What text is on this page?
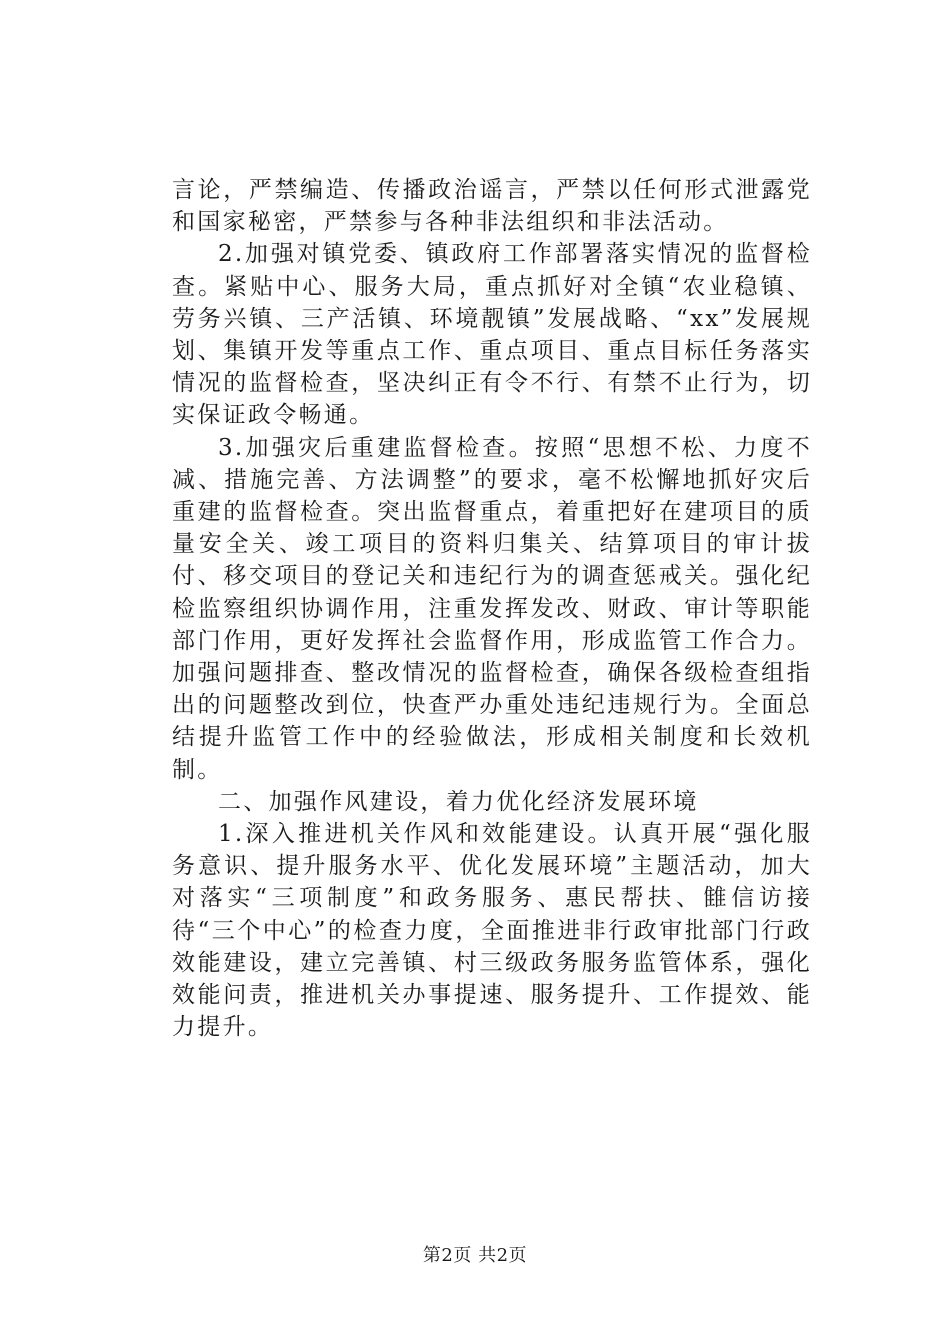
言论，严禁编造、传播政治谣言，严禁以任何形式泄露党和国家秘密，严禁参与各种非法组织和非法活动。

2.加强对镇党委、镇政府工作部署落实情况的监督检查。紧贴中心、服务大局，重点抓好对全镇“农业稳镇、劳务兴镇、三产活镇、环境靓镇”发展战略、“xx”发展规划、集镇开发等重点工作、重点项目、重点目标任务落实情况的监督检查，坚决纠正有令不行、有禁不止行为，切实保证政令畅通。

3.加强灾后重建监督检查。按照“思想不松、力度不减、措施完善、方法调整”的要求，毫不松懈地抓好灾后重建的监督检查。突出监督重点，着重把好在建项目的质量安全关、竣工项目的资料归集关、结算项目的审计拔付、移交项目的登记关和违纪行为的调查惩戒关。强化纪检监察组织协调作用，注重发挥发改、财政、审计等职能部门作用，更好发挥社会监督作用，形成监管工作合力。加强问题排查、整改情况的监督检查，确保各级检查组指出的问题整改到位，快查严办重处违纪违规行为。全面总结提升监管工作中的经验做法，形成相关制度和长效机制。

二、加强作风建设，着力优化经济发展环境

1.深入推进机关作风和效能建设。认真开展“强化服务意识、提升服务水平、优化发展环境”主题活动，加大对落实“三项制度”和政务服务、惠民帮扶、雔信访接待“三个中心”的检查力度，全面推进非行政审批部门行政效能建设，建立完善镇、村三级政务服务监管体系，强化效能问责，推进机关办事提速、服务提升、工作提效、能力提升。

第2页 共2页
